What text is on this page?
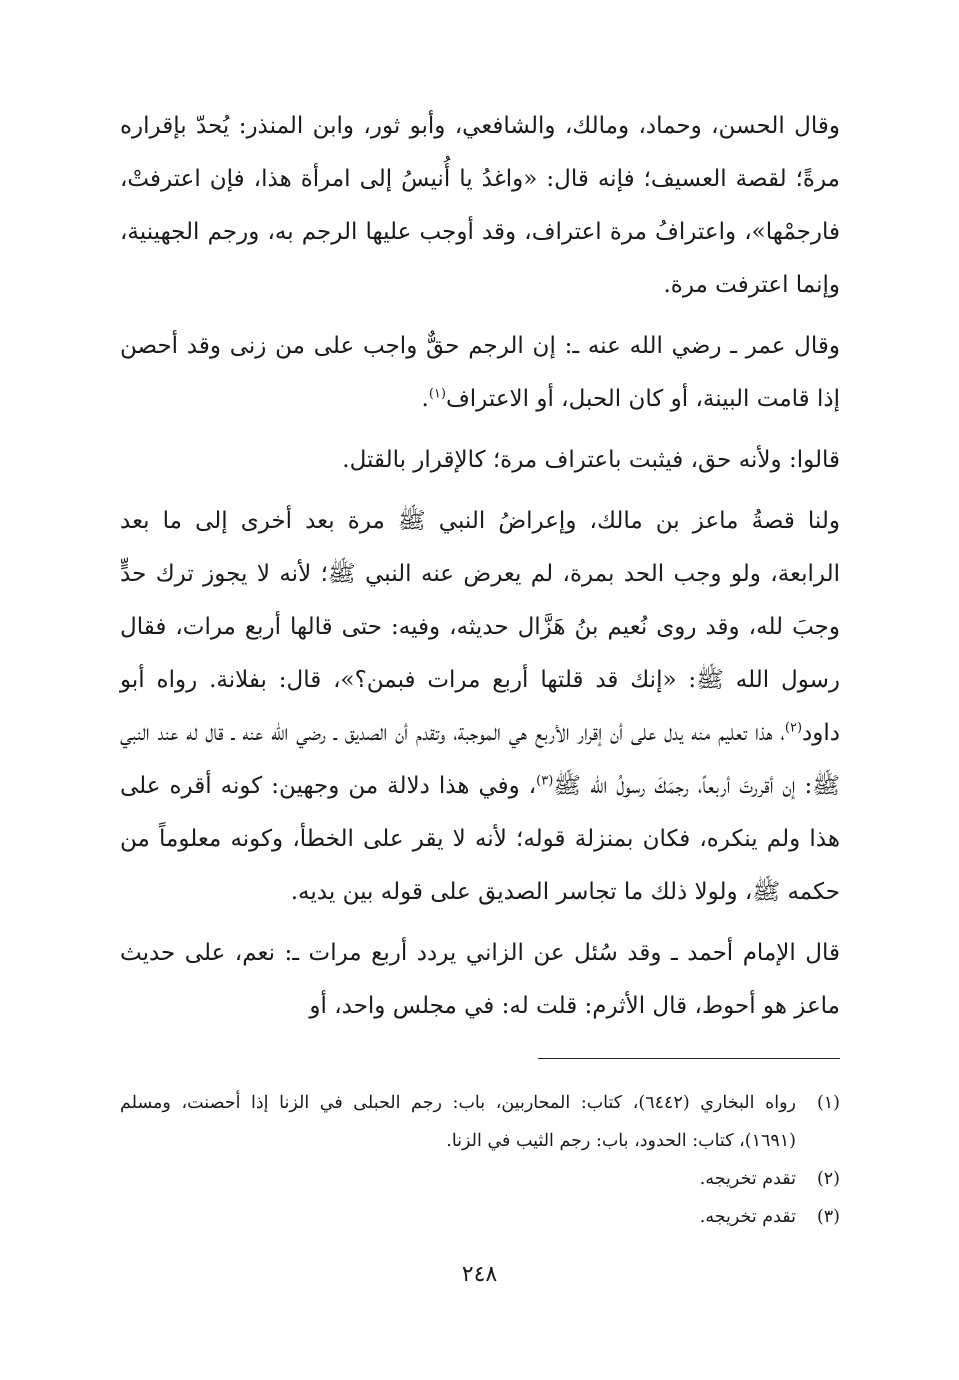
وقال الحسن، وحماد، ومالك، والشافعي، وأبو ثور، وابن المنذر: يُحدّ بإقراره مرةً؛ لقصة العسيف؛ فإنه قال: «واغدُ يا أُنيسُ إلى امرأة هذا، فإن اعترفتْ، فارجمْها»، واعترافُ مرة اعتراف، وقد أوجب عليها الرجم به، ورجم الجهينية، وإنما اعترفت مرة.

وقال عمر ـ رضي الله عنه ـ: إن الرجم حقٌّ واجب على من زنى وقد أحصن إذا قامت البينة، أو كان الحبل، أو الاعتراف$^{(١)}$.

قالوا: ولأنه حق، فيثبت باعتراف مرة؛ كالإقرار بالقتل.

ولنا قصةُ ماعز بن مالك، وإعراضُ النبي ﷺ مرة بعد أخرى إلى ما بعد الرابعة، ولو وجب الحد بمرة، لم يعرض عنه النبي ﷺ؛ لأنه لا يجوز ترك حدٍّ وجبَ لله، وقد روى نُعيم بنُ هَزَّال حديثه، وفيه: حتى قالها أربع مرات، فقال رسول الله ﷺ: «إنك قد قلتها أربع مرات فبمن؟»، قال: بفلانة. رواه أبو داود$^{(٢)}$، هذا تعليم منه يدل على أن إقرار الأربع هي الموجبة، وتقدم أن الصديق ـ رضي الله عنه ـ قال له عند النبي ﷺ: إن أقررتَ أربعاً، رجمَكَ رسولُ الله ﷺ$^{(٣)}$، وفي هذا دلالة من وجهين: كونه أقره على هذا ولم ينكره، فكان بمنزلة قوله؛ لأنه لا يقر على الخطأ، وكونه معلوماً من حكمه ﷺ، ولولا ذلك ما تجاسر الصديق على قوله بين يديه.

قال الإمام أحمد ـ وقد سُئل عن الزاني يردد أربع مرات ـ: نعم، على حديث ماعز هو أحوط، قال الأثرم: قلت له: في مجلس واحد، أو

(١)
رواه البخاري (٦٤٤٢)، كتاب: المحاربين، باب: رجم الحبلى في الزنا إذا أحصنت، ومسلم (١٦٩١)، كتاب: الحدود، باب: رجم الثيب في الزنا.
(٢)
تقدم تخريجه.
(٣)
تقدم تخريجه.
٢٤٨
